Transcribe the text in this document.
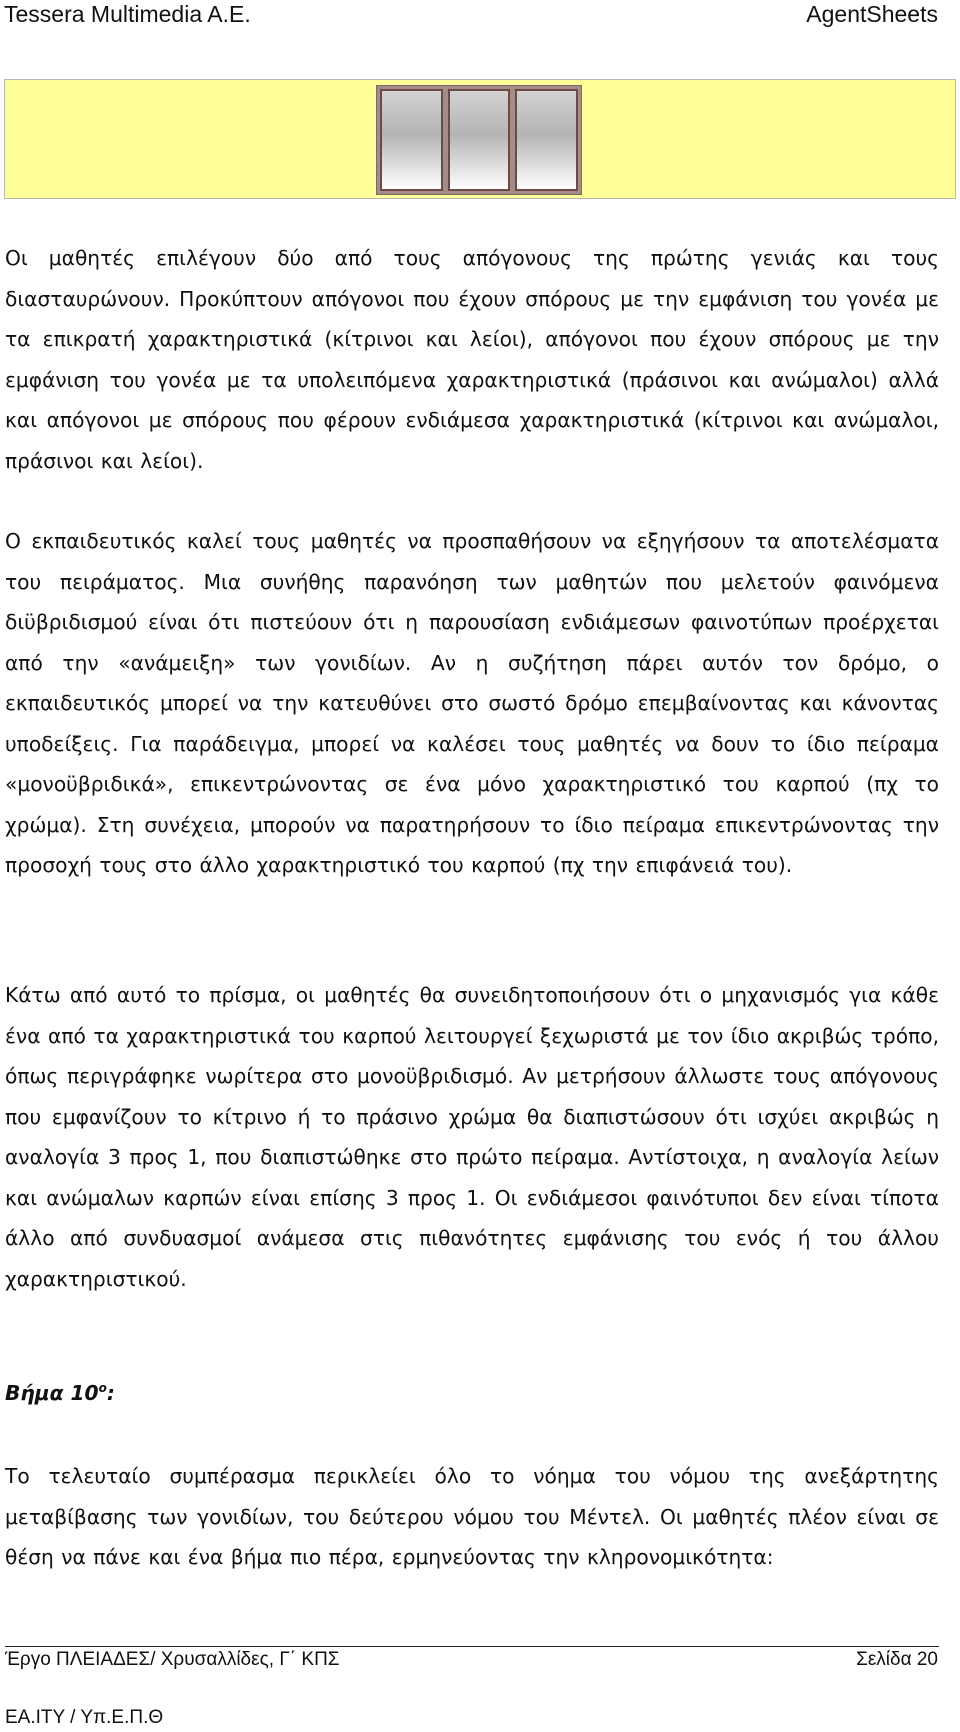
Tessera Multimedia A.E.	AgentSheets
Οι μαθητές επιλέγουν δύο από τους απόγονους της πρώτης γενιάς και τους διασταυρώνουν. Προκύπτουν απόγονοι που έχουν σπόρους με την εμφάνιση του γονέα με τα επικρατή χαρακτηριστικά (κίτρινοι και λείοι), απόγονοι που έχουν σπόρους με την εμφάνιση του γονέα με τα υπολειπόμενα χαρακτηριστικά (πράσινοι και ανώμαλοι) αλλά και απόγονοι με σπόρους που φέρουν ενδιάμεσα χαρακτηριστικά (κίτρινοι και ανώμαλοι, πράσινοι και λείοι).
Ο εκπαιδευτικός καλεί τους μαθητές να προσπαθήσουν να εξηγήσουν τα αποτελέσματα του πειράματος. Μια συνήθης παρανόηση των μαθητών που μελετούν φαινόμενα διϋβριδισμού είναι ότι πιστεύουν ότι η παρουσίαση ενδιάμεσων φαινοτύπων προέρχεται από την «ανάμειξη» των γονιδίων. Αν η συζήτηση πάρει αυτόν τον δρόμο, ο εκπαιδευτικός μπορεί να την κατευθύνει στο σωστό δρόμο επεμβαίνοντας και κάνοντας υποδείξεις. Για παράδειγμα, μπορεί να καλέσει τους μαθητές να δουν το ίδιο πείραμα «μονοϋβριδικά», επικεντρώνοντας σε ένα μόνο χαρακτηριστικό του καρπού (πχ το χρώμα). Στη συνέχεια, μπορούν να παρατηρήσουν το ίδιο πείραμα επικεντρώνοντας την προσοχή τους στο άλλο χαρακτηριστικό του καρπού (πχ την επιφάνειά του).
Κάτω από αυτό το πρίσμα, οι μαθητές θα συνειδητοποιήσουν ότι ο μηχανισμός για κάθε ένα από τα χαρακτηριστικά του καρπού λειτουργεί ξεχωριστά με τον ίδιο ακριβώς τρόπο, όπως περιγράφηκε νωρίτερα στο μονοϋβριδισμό. Αν μετρήσουν άλλωστε τους απόγονους που εμφανίζουν το κίτρινο ή το πράσινο χρώμα θα διαπιστώσουν ότι ισχύει ακριβώς η αναλογία 3 προς 1, που διαπιστώθηκε στο πρώτο πείραμα. Αντίστοιχα, η αναλογία λείων και ανώμαλων καρπών είναι επίσης 3 προς 1. Οι ενδιάμεσοι φαινότυποι δεν είναι τίποτα άλλο από συνδυασμοί ανάμεσα στις πιθανότητες εμφάνισης του ενός ή του άλλου χαρακτηριστικού.
Βήμα $10^o$:
Το τελευταίο συμπέρασμα περικλείει όλο το νόημα του νόμου της ανεξάρτητης μεταβίβασης των γονιδίων, του δεύτερου νόμου του Μέντελ. Οι μαθητές πλέον είναι σε θέση να πάνε και ένα βήμα πιο πέρα, ερμηνεύοντας την κληρονομικότητα:
Έργο ΠΛΕΙΑΔΕΣ/ Χρυσαλλίδες, Γ΄ ΚΠΣ	Σελίδα 20
ΕΑ.ΙΤΥ / Υπ.Ε.Π.Θ
